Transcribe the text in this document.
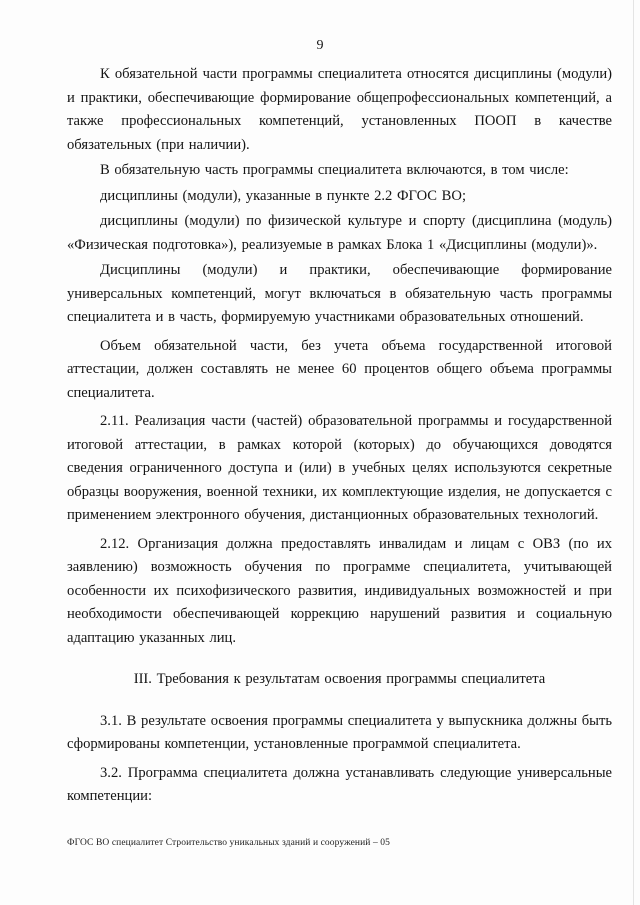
9

К обязательной части программы специалитета относятся дисциплины (модули) и практики, обеспечивающие формирование общепрофессиональных компетенций, а также профессиональных компетенций, установленных ПООП в качестве обязательных (при наличии).

В обязательную часть программы специалитета включаются, в том числе:

дисциплины (модули), указанные в пункте 2.2 ФГОС ВО;

дисциплины (модули) по физической культуре и спорту (дисциплина (модуль) «Физическая подготовка»), реализуемые в рамках Блока 1 «Дисциплины (модули)».

Дисциплины (модули) и практики, обеспечивающие формирование универсальных компетенций, могут включаться в обязательную часть программы специалитета и в часть, формируемую участниками образовательных отношений.

Объем обязательной части, без учета объема государственной итоговой аттестации, должен составлять не менее 60 процентов общего объема программы специалитета.

2.11. Реализация части (частей) образовательной программы и государственной итоговой аттестации, в рамках которой (которых) до обучающихся доводятся сведения ограниченного доступа и (или) в учебных целях используются секретные образцы вооружения, военной техники, их комплектующие изделия, не допускается с применением электронного обучения, дистанционных образовательных технологий.

2.12. Организация должна предоставлять инвалидам и лицам с ОВЗ (по их заявлению) возможность обучения по программе специалитета, учитывающей особенности их психофизического развития, индивидуальных возможностей и при необходимости обеспечивающей коррекцию нарушений развития и социальную адаптацию указанных лиц.

III. Требования к результатам освоения программы специалитета

3.1. В результате освоения программы специалитета у выпускника должны быть сформированы компетенции, установленные программой специалитета.

3.2. Программа специалитета должна устанавливать следующие универсальные компетенции:

ФГОС ВО специалитет Строительство уникальных зданий и сооружений – 05
